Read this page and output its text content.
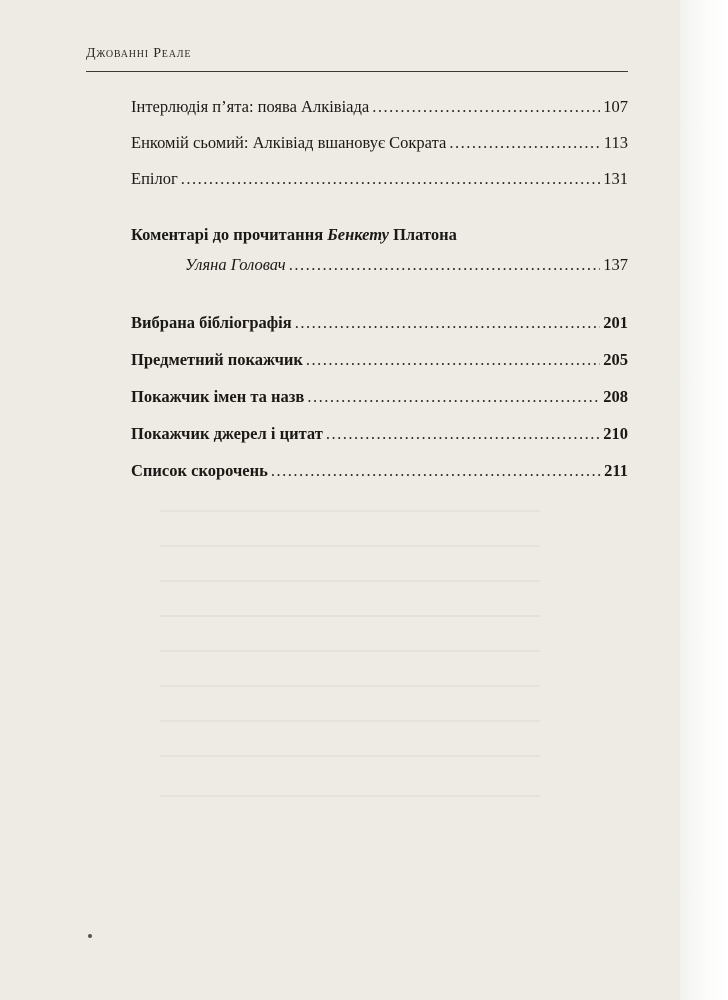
Джованні Реале
Інтерлюдія п’ята: поява Алківіада .....	107
Енкомій сьомий: Алківіад вшановує Сократа .....	113
Епілог .....	131
Коментарі до прочитання Бенкету Платона
Уляна Головач .....	137
Вибрана бібліографія .....	201
Предметний покажчик .....	205
Покажчик імен та назв .....	208
Покажчик джерел і цитат .....	210
Список скорочень .....	211
